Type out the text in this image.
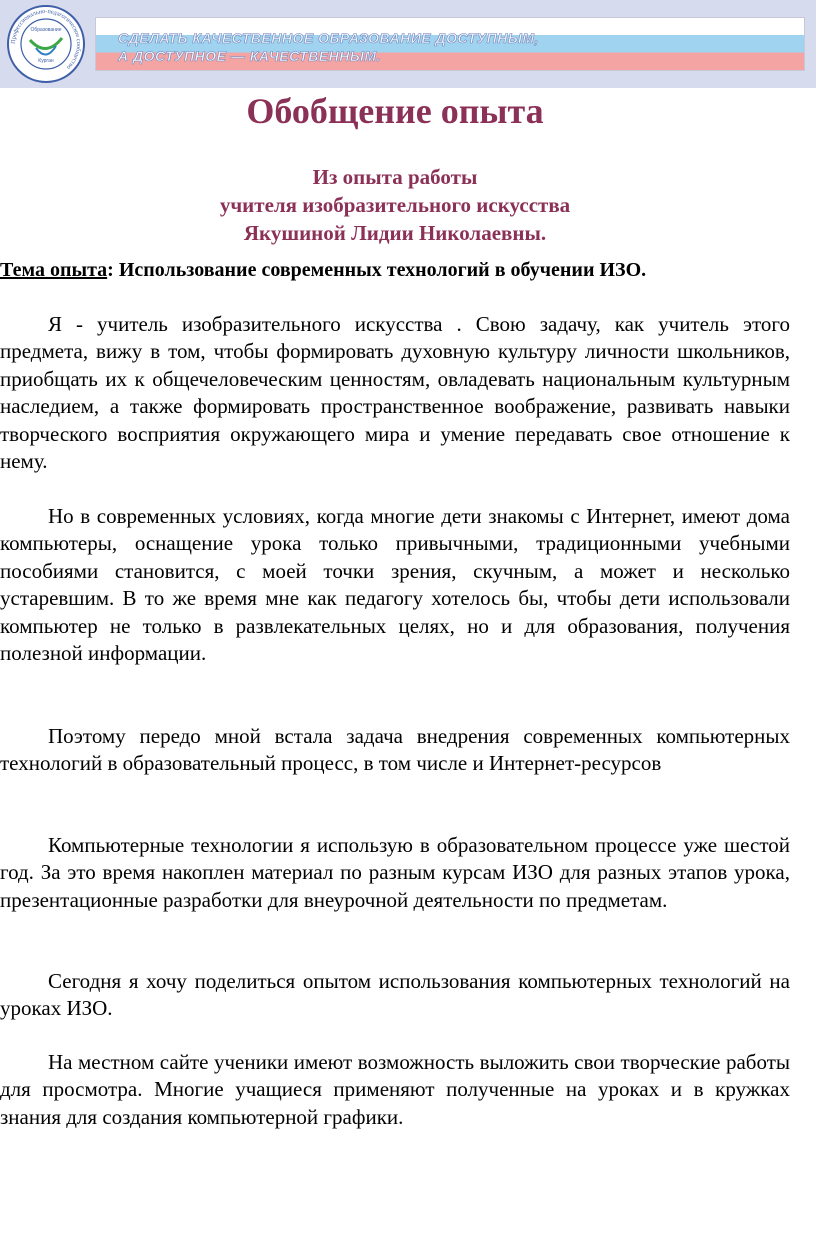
Профессионально-педагогическое сообщество
Образование
Курган
СДЕЛАТЬ КАЧЕСТВЕННОЕ ОБРАЗОВАНИЕ ДОСТУПНЫМ,
А ДОСТУПНОЕ — КАЧЕСТВЕННЫМ.
Обобщение опыта
Из опыта работы
учителя изобразительного искусства
Якушиной Лидии Николаевны.

Тема опыта: Использование современных технологий в обучении ИЗО.

Я - учитель изобразительного искусства . Свою задачу, как учитель этого предмета, вижу в том, чтобы формировать духовную культуру личности школьников, приобщать их к общечеловеческим ценностям, овладевать национальным культурным наследием, а также формировать пространственное воображение, развивать навыки творческого восприятия окружающего мира и умение передавать свое отношение к нему.

Но в современных условиях, когда многие дети знакомы с Интернет, имеют дома компьютеры, оснащение урока только привычными, традиционными учебными пособиями становится, с моей точки зрения, скучным, а может и несколько устаревшим. В то же время мне как педагогу хотелось бы, чтобы дети использовали компьютер не только в развлекательных целях, но и для образования, получения полезной информации.

Поэтому передо мной встала задача внедрения современных компьютерных технологий в образовательный процесс, в том числе и Интернет-ресурсов

Компьютерные технологии я использую в образовательном процессе уже шестой год. За это время накоплен материал по разным курсам ИЗО для разных этапов урока, презентационные разработки для внеурочной деятельности по предметам.

Сегодня я хочу поделиться опытом использования компьютерных технологий на уроках ИЗО.

На местном сайте ученики имеют возможность выложить свои творческие работы для просмотра. Многие учащиеся применяют полученные на уроках и в кружках знания для создания компьютерной графики.
